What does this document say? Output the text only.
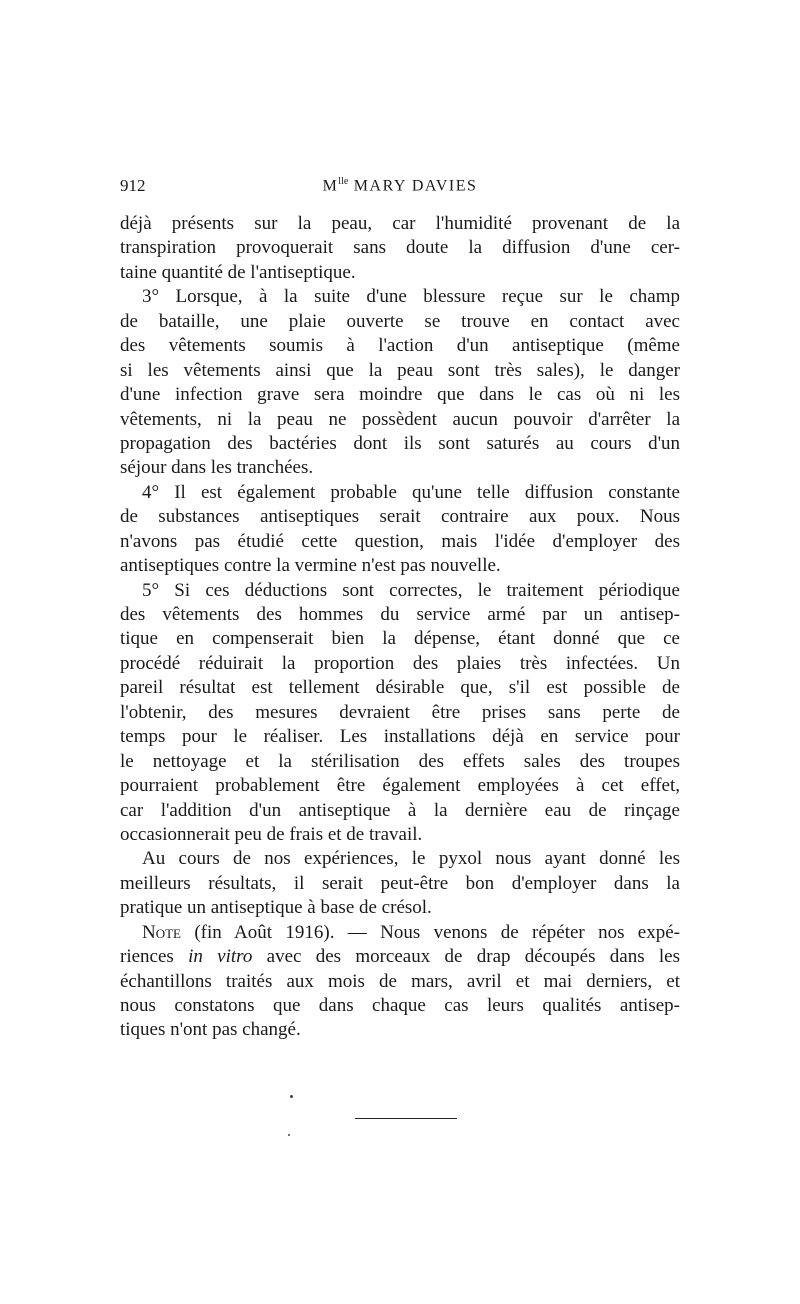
912	$M^{lle}$ MARY DAVIES
déjà présents sur la peau, car l'humidité provenant de la
transpiration provoquerait sans doute la diffusion d'une cer-
taine quantité de l'antiseptique.
3° Lorsque, à la suite d'une blessure reçue sur le champ
de bataille, une plaie ouverte se trouve en contact avec
des vêtements soumis à l'action d'un antiseptique (même
si les vêtements ainsi que la peau sont très sales), le danger
d'une infection grave sera moindre que dans le cas où ni les
vêtements, ni la peau ne possèdent aucun pouvoir d'arrêter la
propagation des bactéries dont ils sont saturés au cours d'un
séjour dans les tranchées.
4° Il est également probable qu'une telle diffusion constante
de substances antiseptiques serait contraire aux poux. Nous
n'avons pas étudié cette question, mais l'idée d'employer des
antiseptiques contre la vermine n'est pas nouvelle.
5° Si ces déductions sont correctes, le traitement périodique
des vêtements des hommes du service armé par un antisep-
tique en compenserait bien la dépense, étant donné que ce
procédé réduirait la proportion des plaies très infectées. Un
pareil résultat est tellement désirable que, s'il est possible de
l'obtenir, des mesures devraient être prises sans perte de
temps pour le réaliser. Les installations déjà en service pour
le nettoyage et la stérilisation des effets sales des troupes
pourraient probablement être également employées à cet effet,
car l'addition d'un antiseptique à la dernière eau de rinçage
occasionnerait peu de frais et de travail.
Au cours de nos expériences, le pyxol nous ayant donné les
meilleurs résultats, il serait peut-être bon d'employer dans la
pratique un antiseptique à base de crésol.
Note (fin Août 1916). — Nous venons de répéter nos expé-
riences in vitro avec des morceaux de drap découpés dans les
échantillons traités aux mois de mars, avril et mai derniers, et
nous constatons que dans chaque cas leurs qualités antisep-
tiques n'ont pas changé.
